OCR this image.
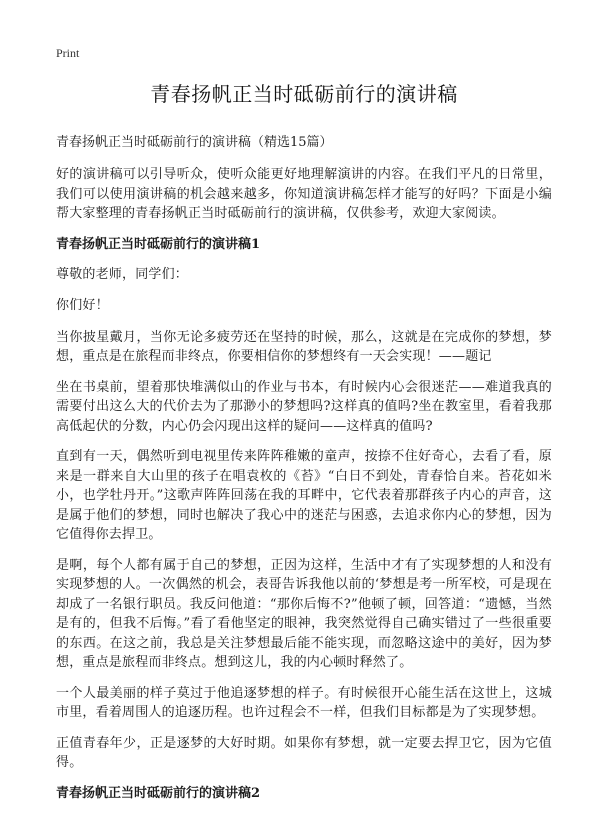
Print
青春扬帆正当时砥砺前行的演讲稿

青春扬帆正当时砥砺前行的演讲稿（精选15篇）

好的演讲稿可以引导听众，使听众能更好地理解演讲的内容。在我们平凡的日常里，我们可以使用演讲稿的机会越来越多，你知道演讲稿怎样才能写的好吗？下面是小编帮大家整理的青春扬帆正当时砥砺前行的演讲稿，仅供参考，欢迎大家阅读。

青春扬帆正当时砥砺前行的演讲稿1

尊敬的老师，同学们：

你们好！

当你披星戴月，当你无论多疲劳还在坚持的时候，那么，这就是在完成你的梦想，梦想，重点是在旅程而非终点，你要相信你的梦想终有一天会实现！——题记

坐在书桌前，望着那快堆满似山的作业与书本，有时候内心会很迷茫——难道我真的需要付出这么大的代价去为了那渺小的梦想吗?这样真的值吗?坐在教室里，看着我那高低起伏的分数，内心仍会闪现出这样的疑问——这样真的值吗?

直到有一天，偶然听到电视里传来阵阵稚嫩的童声，按捺不住好奇心，去看了看，原来是一群来自大山里的孩子在唱袁枚的《苔》“白日不到处，青春恰自来。苔花如米小，也学牡丹开。”这歌声阵阵回荡在我的耳畔中，它代表着那群孩子内心的声音，这是属于他们的梦想，同时也解决了我心中的迷茫与困惑，去追求你内心的梦想，因为它值得你去捍卫。

是啊，每个人都有属于自己的梦想，正因为这样，生活中才有了实现梦想的人和没有实现梦想的人。一次偶然的机会，表哥告诉我他以前的‘梦想是考一所军校，可是现在却成了一名银行职员。我反问他道：“那你后悔不?”他顿了顿，回答道：“遗憾，当然是有的，但我不后悔。”看了看他坚定的眼神，我突然觉得自己确实错过了一些很重要的东西。在这之前，我总是关注梦想最后能不能实现，而忽略这途中的美好，因为梦想，重点是旅程而非终点。想到这儿，我的内心顿时释然了。

一个人最美丽的样子莫过于他追逐梦想的样子。有时候很开心能生活在这世上，这城市里，看着周围人的追逐历程。也许过程会不一样，但我们目标都是为了实现梦想。

正值青春年少，正是逐梦的大好时期。如果你有梦想，就一定要去捍卫它，因为它值得。

青春扬帆正当时砥砺前行的演讲稿2
